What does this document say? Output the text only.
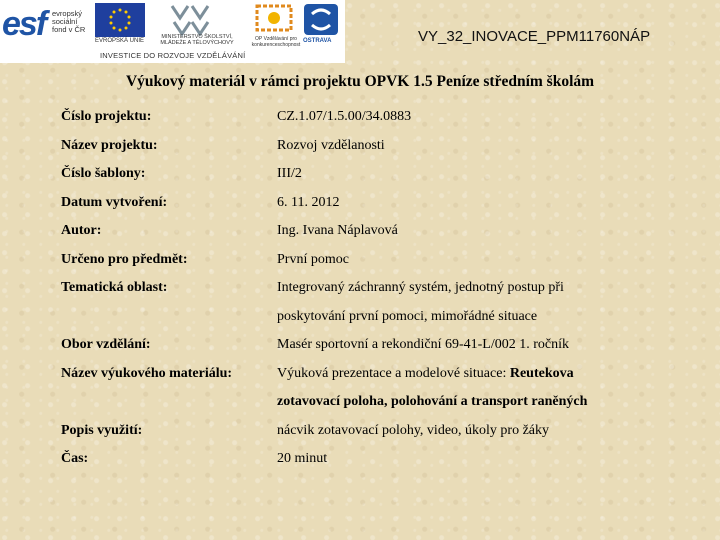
esf evropský
sociální
fond v ČR
EVROPSKÁ UNIE
MINISTERSTVO ŠKOLSTVÍ, MLÁDEŽE A TĚLOVÝCHOVY
OP Vzdělávání pro konkurenceschopnost
OSTRAVA
INVESTICE DO ROZVOJE VZDĚLÁVÁNÍ
VY_32_INOVACE_PPM11760NÁP
Výukový materiál v rámci projektu OPVK 1.5 Peníze středním školám
Číslo projektu:	CZ.1.07/1.5.00/34.0883
Název projektu:	Rozvoj vzdělanosti
Číslo šablony:	III/2
Datum vytvoření:	6. 11. 2012
Autor:	Ing. Ivana Náplavová
Určeno pro předmět:	První pomoc
Tematická oblast:	Integrovaný záchranný systém, jednotný postup při
poskytování první pomoci, mimořádné situace
Obor vzdělání:	Masér sportovní a rekondiční 69-41-L/002 1. ročník
Název výukového materiálu:	Výuková prezentace a modelové situace: Reutekova
zotavovací poloha, polohování a transport raněných
Popis využití:	nácvik zotavovací polohy, video, úkoly pro žáky
Čas:	20 minut
